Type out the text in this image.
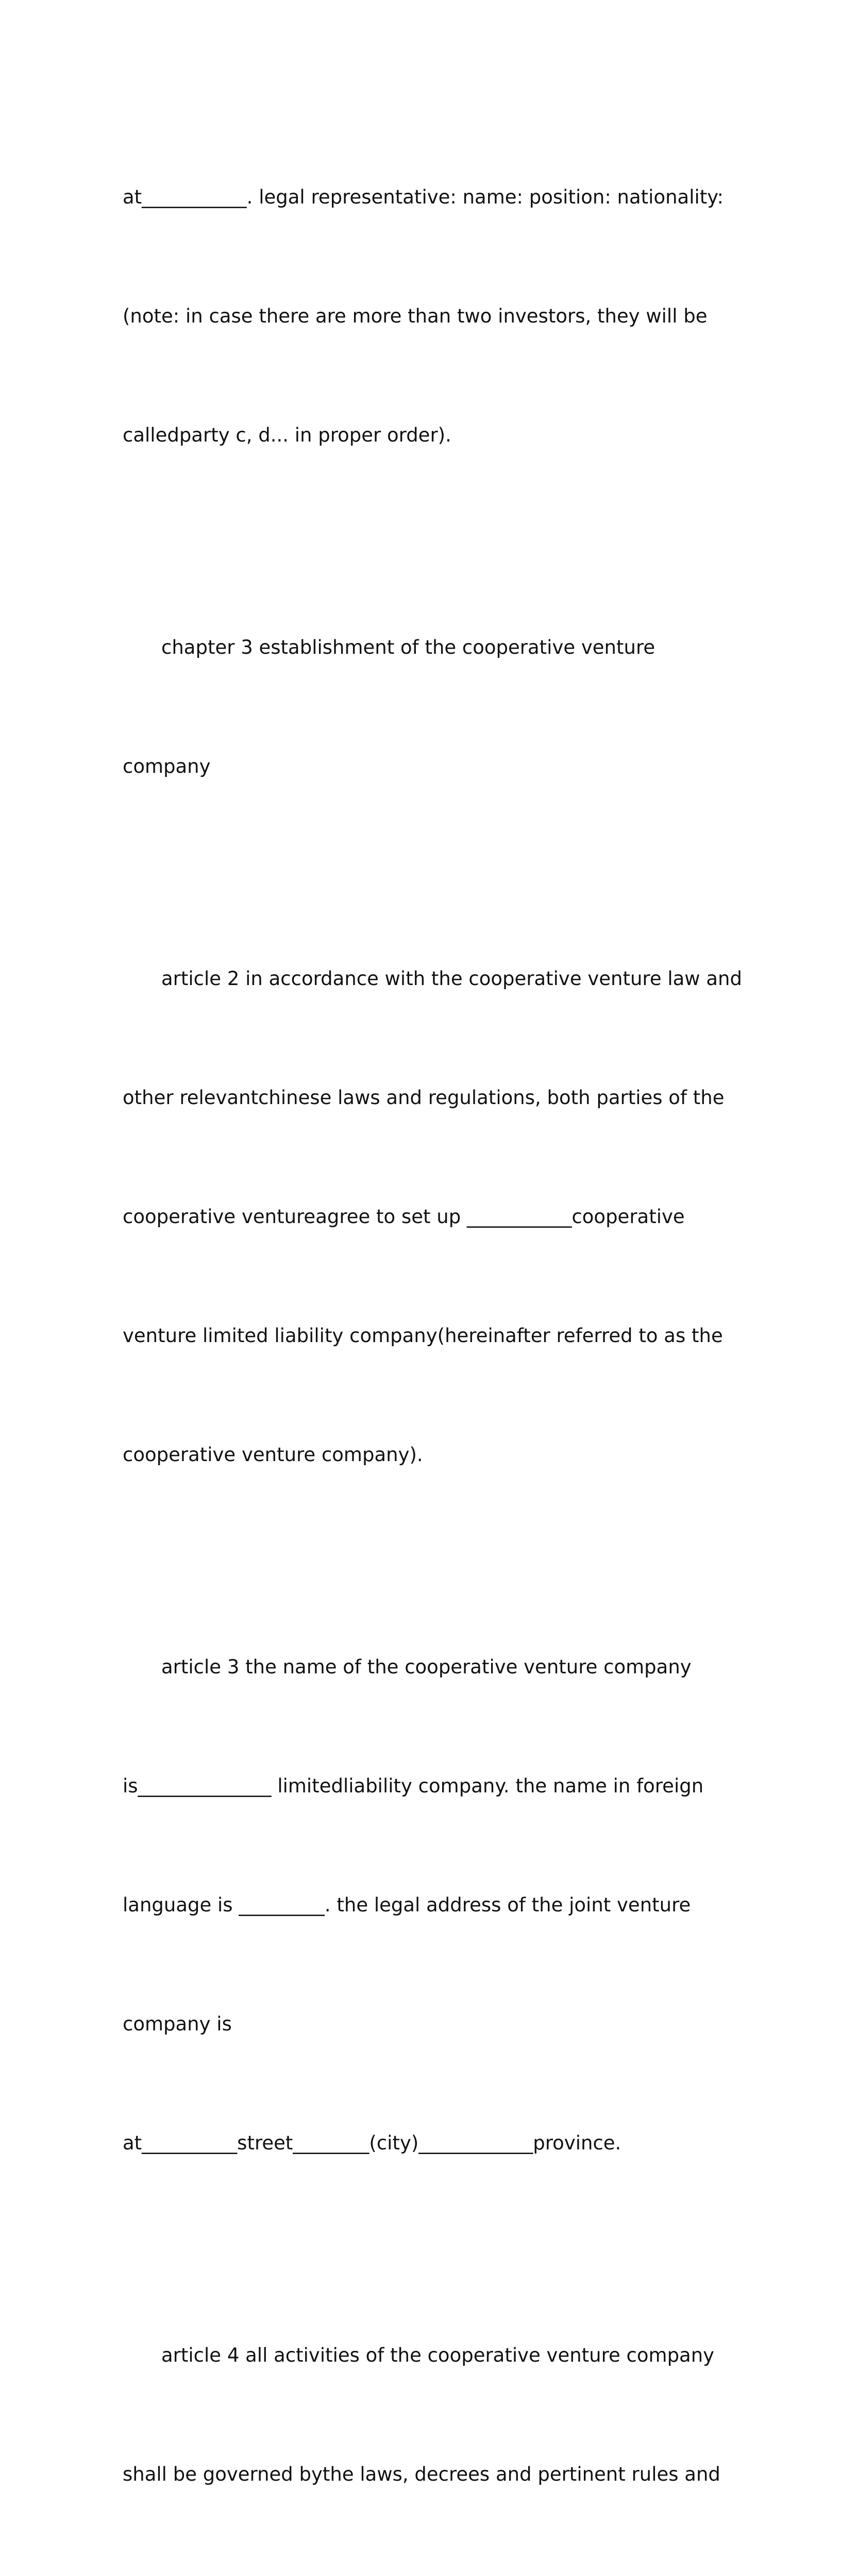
at___________. legal representative: name: position: nationality:

(note: in case there are more than two investors, they will be

calledparty c, d... in proper order).

chapter 3 establishment of the cooperative venture

company

article 2 in accordance with the cooperative venture law and

other relevantchinese laws and regulations, both parties of the

cooperative ventureagree to set up ___________cooperative

venture limited liability company(hereinafter referred to as the

cooperative venture company).

article 3 the name of the cooperative venture company

is______________ limitedliability company. the name in foreign

language is _________. the legal address of the joint venture

company is

at__________street________(city)____________province.

article 4 all activities of the cooperative venture company

shall be governed bythe laws, decrees and pertinent rules and
